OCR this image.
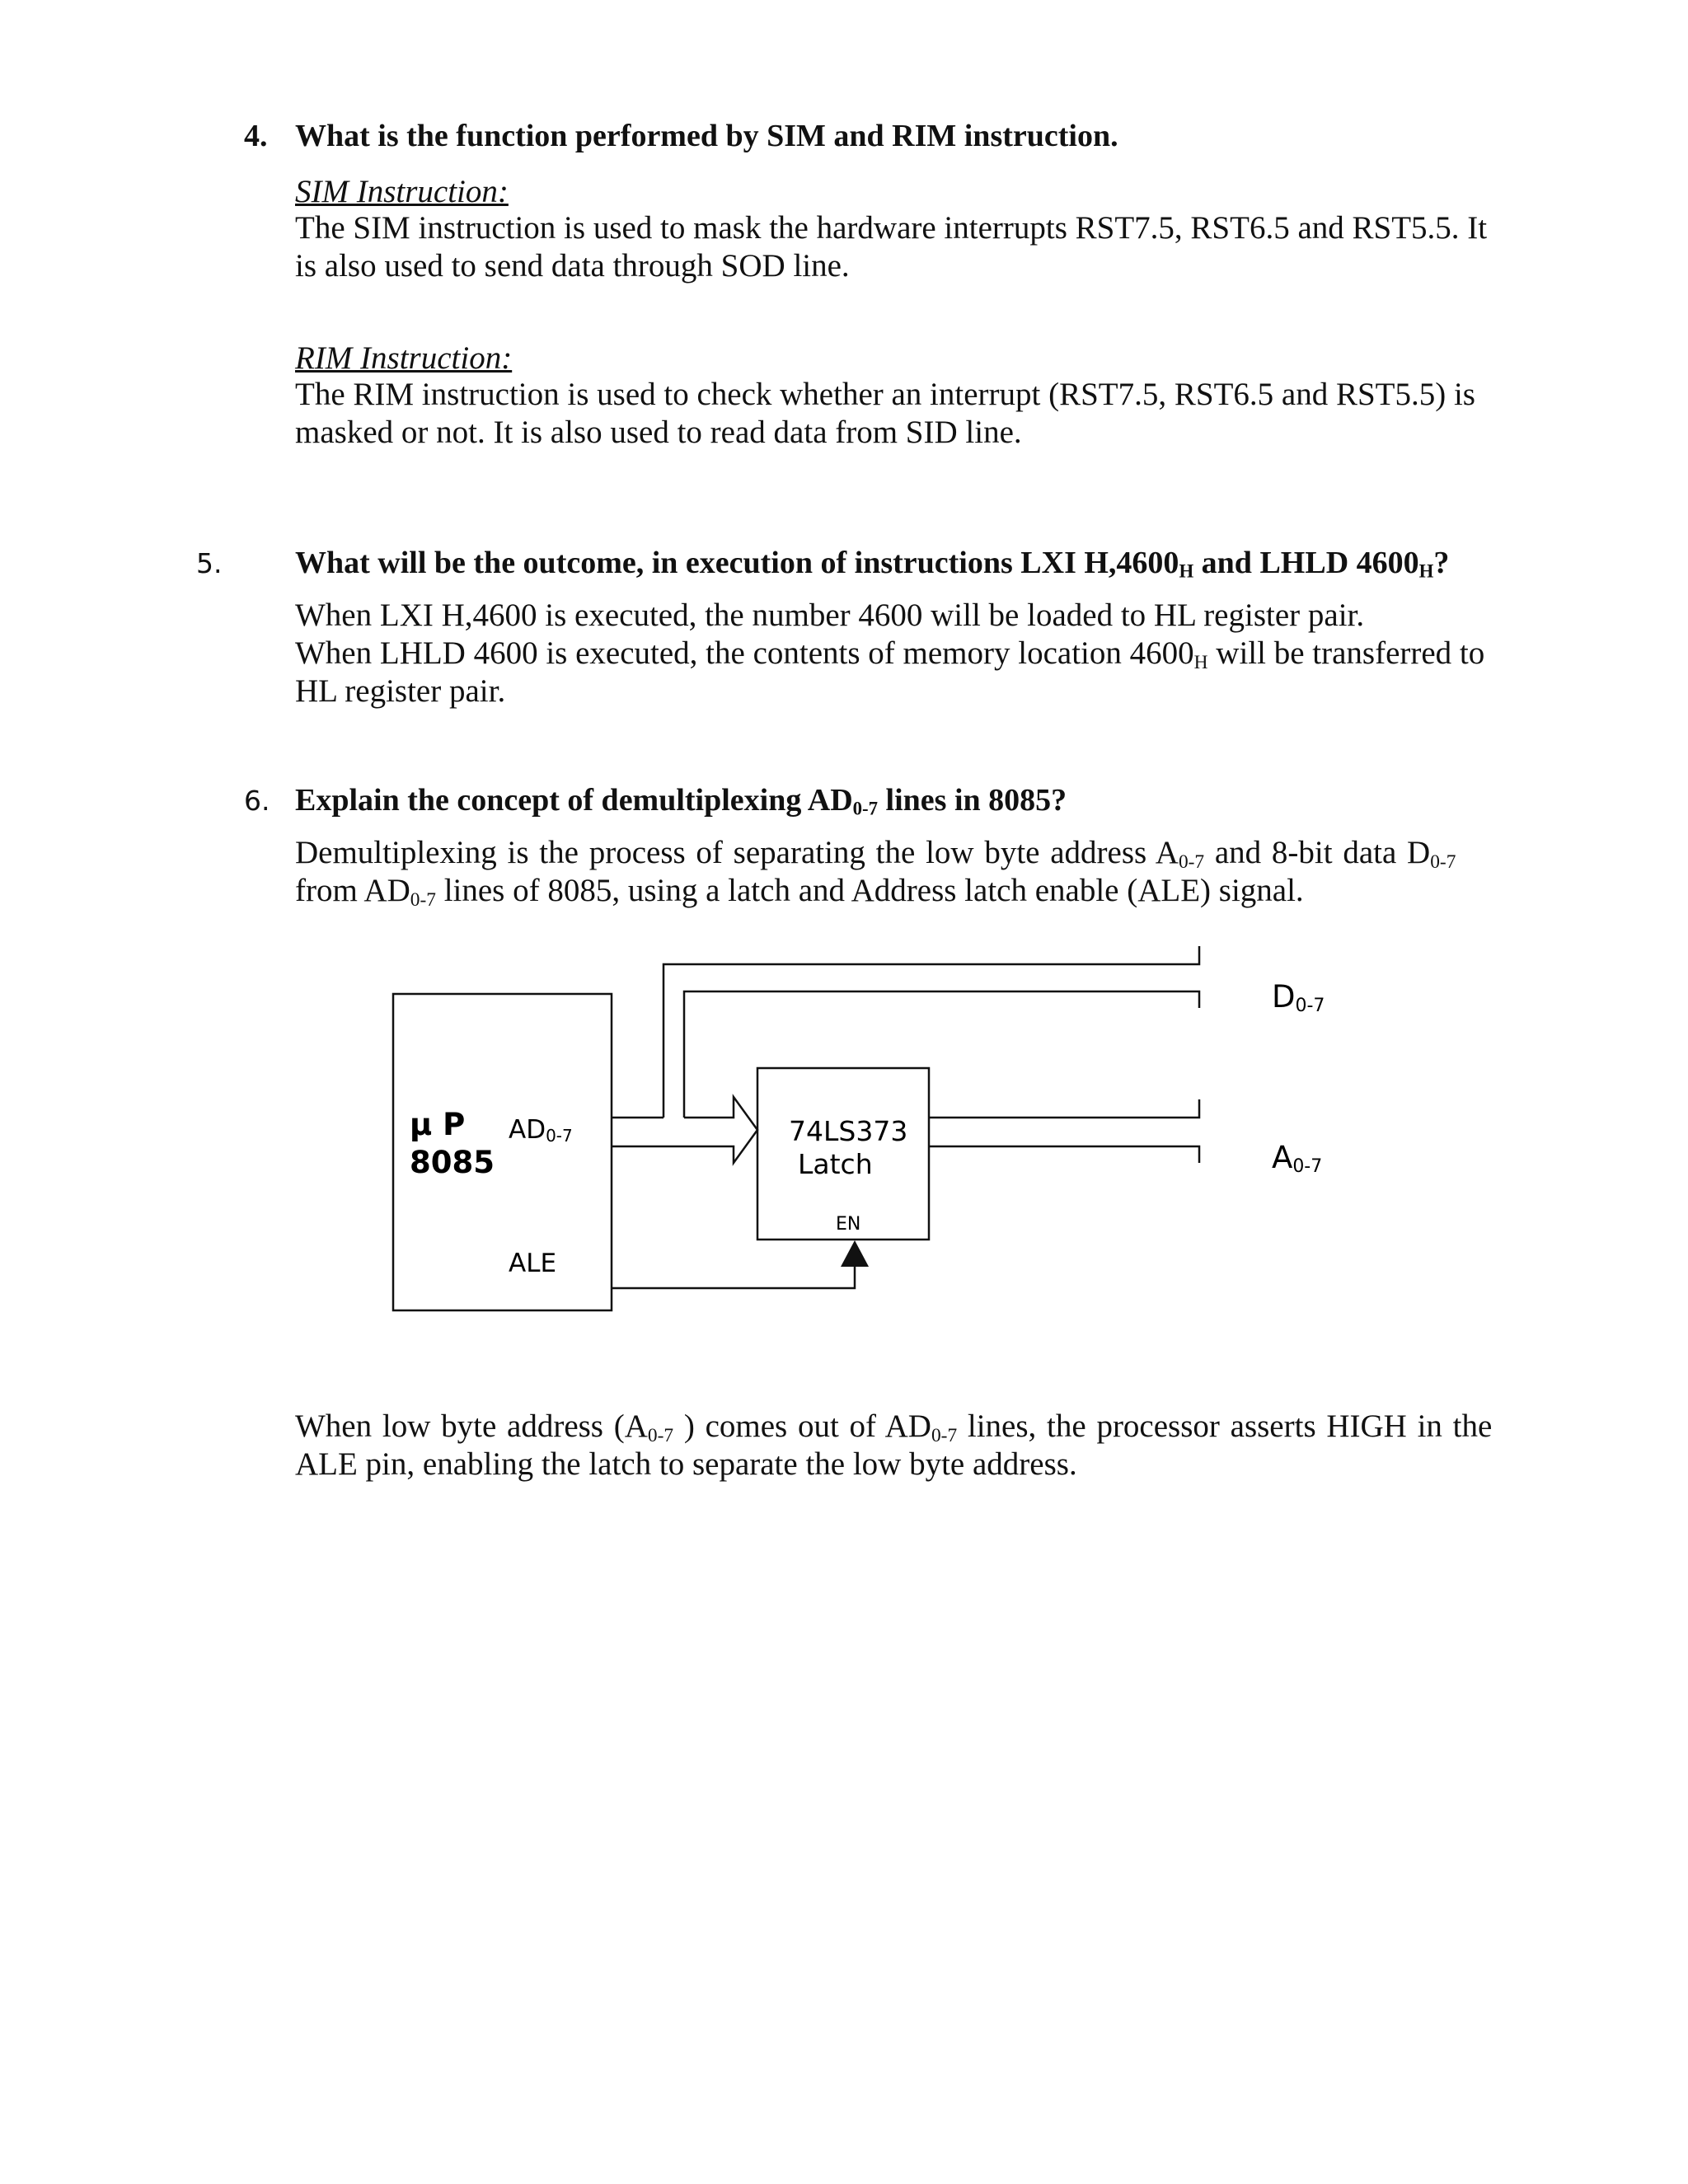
4. What is the function performed by SIM and RIM instruction.
SIM Instruction:
The SIM instruction is used to mask the hardware interrupts RST7.5, RST6.5 and RST5.5. It
is also used to send data through SOD line.
RIM Instruction:
The RIM instruction is used to check whether an interrupt (RST7.5, RST6.5 and RST5.5) is
masked or not. It is also used to read data from SID line.
5. What will be the outcome, in execution of instructions LXI $H,4600_H$ and LHLD $4600_H$?
When LXI H,4600 is executed, the number 4600 will be loaded to HL register pair.
When LHLD 4600 is executed, the contents of memory location $4600_H$ will be transferred to
HL register pair.
6. Explain the concept of demultiplexing $AD_{0-7}$ lines in 8085?
Demultiplexing is the process of separating the low byte address $A_{0-7}$ and 8-bit data $D_{0-7}$
from $AD_{0-7}$ lines of 8085, using a latch and Address latch enable (ALE) signal.
µ P
8085
AD0-7
ALE
74LS373
Latch
EN
D0-7
A0-7
When low byte address ($A_{0-7}$ ) comes out of $AD_{0-7}$ lines, the processor asserts HIGH in the
ALE pin, enabling the latch to separate the low byte address.
